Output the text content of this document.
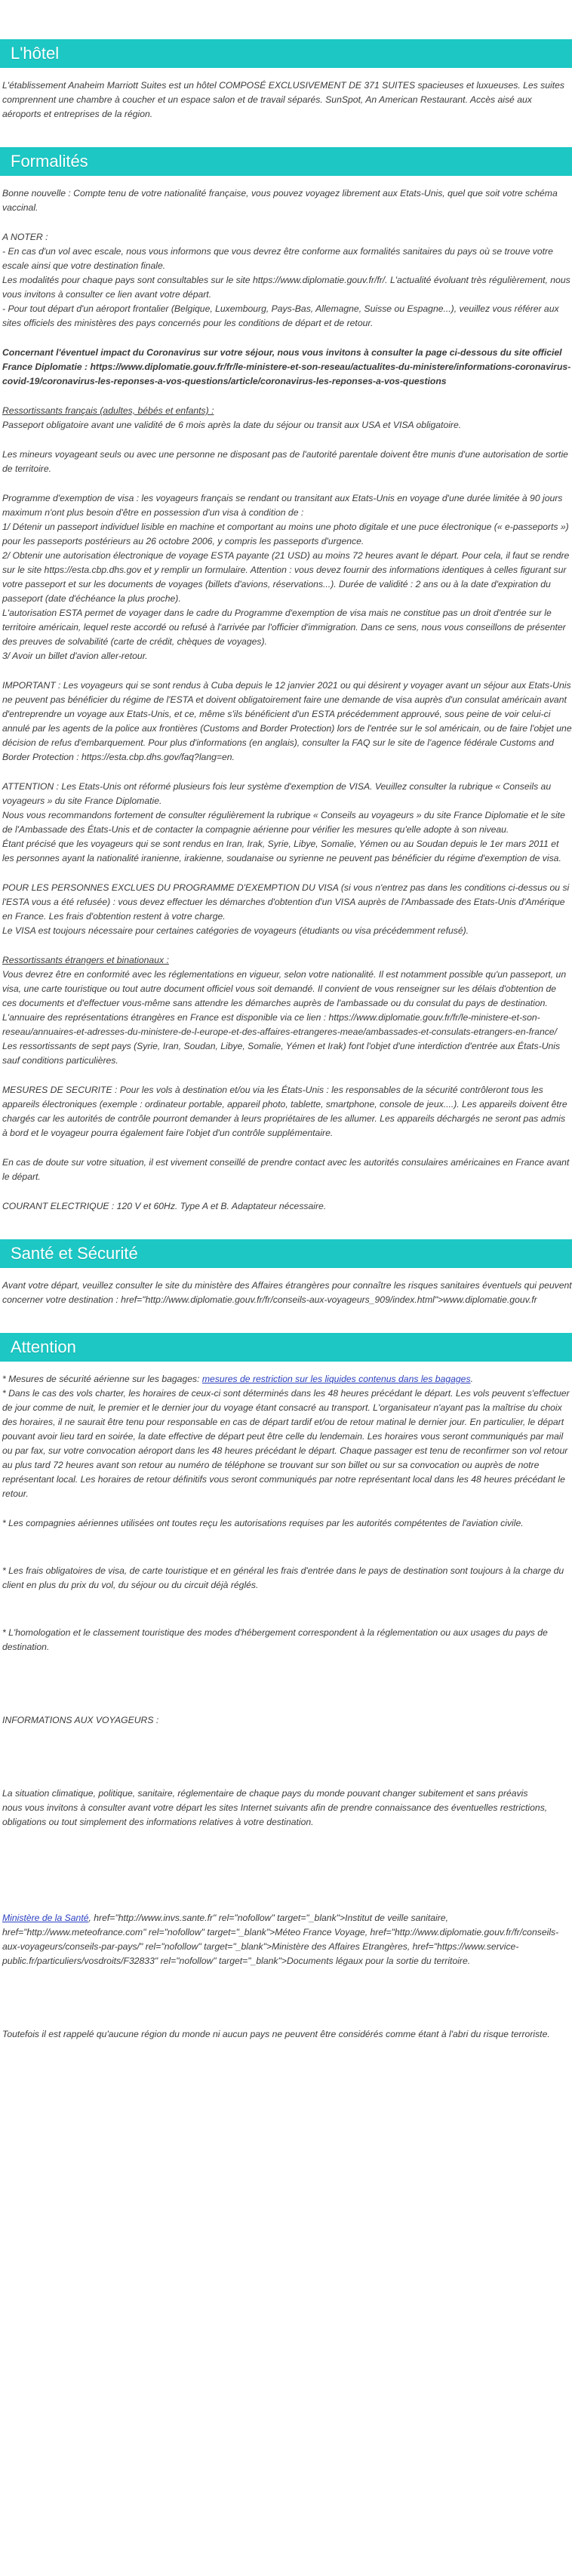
L'hôtel

L'établissement Anaheim Marriott Suites est un hôtel COMPOSÉ EXCLUSIVEMENT DE 371 SUITES spacieuses et luxueuses. Les suites comprennent une chambre à coucher et un espace salon et de travail séparés. SunSpot, An American Restaurant. Accès aisé aux aéroports et entreprises de la région.

Formalités

Bonne nouvelle : Compte tenu de votre nationalité française, vous pouvez voyagez librement aux Etats-Unis, quel que soit votre schéma vaccinal.

A NOTER :
- En cas d'un vol avec escale, nous vous informons que vous devrez être conforme aux formalités sanitaires du pays où se trouve votre escale ainsi que votre destination finale.
Les modalités pour chaque pays sont consultables sur le site https://www.diplomatie.gouv.fr/fr/. L'actualité évoluant très régulièrement, nous vous invitons à consulter ce lien avant votre départ.
- Pour tout départ d'un aéroport frontalier (Belgique, Luxembourg, Pays-Bas, Allemagne, Suisse ou Espagne...), veuillez vous référer aux sites officiels des ministères des pays concernés pour les conditions de départ et de retour.

Concernant l'éventuel impact du Coronavirus sur votre séjour, nous vous invitons à consulter la page ci-dessous du site officiel France Diplomatie : https://www.diplomatie.gouv.fr/fr/le-ministere-et-son-reseau/actualites-du-ministere/informations-coronavirus-covid-19/coronavirus-les-reponses-a-vos-questions/article/coronavirus-les-reponses-a-vos-questions

Ressortissants français (adultes, bébés et enfants) :
Passeport obligatoire avant une validité de 6 mois après la date du séjour ou transit aux USA et VISA obligatoire.

Les mineurs voyageant seuls ou avec une personne ne disposant pas de l'autorité parentale doivent être munis d'une autorisation de sortie de territoire.

Programme d'exemption de visa : les voyageurs français se rendant ou transitant aux Etats-Unis en voyage d'une durée limitée à 90 jours maximum n'ont plus besoin d'être en possession d'un visa à condition de :
1/ Détenir un passeport individuel lisible en machine et comportant au moins une photo digitale et une puce électronique (« e-passeports ») pour les passeports postérieurs au 26 octobre 2006, y compris les passeports d'urgence.
2/ Obtenir une autorisation électronique de voyage ESTA payante (21 USD) au moins 72 heures avant le départ. Pour cela, il faut se rendre sur le site https://esta.cbp.dhs.gov et y remplir un formulaire. Attention : vous devez fournir des informations identiques à celles figurant sur votre passeport et sur les documents de voyages (billets d'avions, réservations...). Durée de validité : 2 ans ou à la date d'expiration du passeport (date d'échéance la plus proche).
L'autorisation ESTA permet de voyager dans le cadre du Programme d'exemption de visa mais ne constitue pas un droit d'entrée sur le territoire américain, lequel reste accordé ou refusé à l'arrivée par l'officier d'immigration. Dans ce sens, nous vous conseillons de présenter des preuves de solvabilité (carte de crédit, chèques de voyages).
3/ Avoir un billet d'avion aller-retour.

IMPORTANT : Les voyageurs qui se sont rendus à Cuba depuis le 12 janvier 2021 ou qui désirent y voyager avant un séjour aux Etats-Unis ne peuvent pas bénéficier du régime de l'ESTA et doivent obligatoirement faire une demande de visa auprès d'un consulat américain avant d'entreprendre un voyage aux Etats-Unis, et ce, même s'ils bénéficient d'un ESTA précédemment approuvé, sous peine de voir celui-ci annulé par les agents de la police aux frontières (Customs and Border Protection) lors de l'entrée sur le sol américain, ou de faire l'objet une décision de refus d'embarquement. Pour plus d'informations (en anglais), consulter la FAQ sur le site de l'agence fédérale Customs and Border Protection : https://esta.cbp.dhs.gov/faq?lang=en.

ATTENTION : Les Etats-Unis ont réformé plusieurs fois leur système d'exemption de VISA. Veuillez consulter la rubrique « Conseils au voyageurs » du site France Diplomatie.
Nous vous recommandons fortement de consulter régulièrement la rubrique « Conseils au voyageurs » du site France Diplomatie et le site de l'Ambassade des États-Unis et de contacter la compagnie aérienne pour vérifier les mesures qu'elle adopte à son niveau.
Étant précisé que les voyageurs qui se sont rendus en Iran, Irak, Syrie, Libye, Somalie, Yémen ou au Soudan depuis le 1er mars 2011 et les personnes ayant la nationalité iranienne, irakienne, soudanaise ou syrienne ne peuvent pas bénéficier du régime d'exemption de visa.

POUR LES PERSONNES EXCLUES DU PROGRAMME D'EXEMPTION DU VISA (si vous n'entrez pas dans les conditions ci-dessus ou si l'ESTA vous a été refusée) : vous devez effectuer les démarches d'obtention d'un VISA auprès de l'Ambassade des Etats-Unis d'Amérique en France. Les frais d'obtention restent à votre charge.
Le VISA est toujours nécessaire pour certaines catégories de voyageurs (étudiants ou visa précédemment refusé).

Ressortissants étrangers et binationaux :
Vous devrez être en conformité avec les réglementations en vigueur, selon votre nationalité. Il est notamment possible qu'un passeport, un visa, une carte touristique ou tout autre document officiel vous soit demandé. Il convient de vous renseigner sur les délais d'obtention de ces documents et d'effectuer vous-même sans attendre les démarches auprès de l'ambassade ou du consulat du pays de destination.
L'annuaire des représentations étrangères en France est disponible via ce lien : https://www.diplomatie.gouv.fr/fr/le-ministere-et-son-reseau/annuaires-et-adresses-du-ministere-de-l-europe-et-des-affaires-etrangeres-meae/ambassades-et-consulats-etrangers-en-france/
Les ressortissants de sept pays (Syrie, Iran, Soudan, Libye, Somalie, Yémen et Irak) font l'objet d'une interdiction d'entrée aux États-Unis sauf conditions particulières.

MESURES DE SECURITE : Pour les vols à destination et/ou via les États-Unis : les responsables de la sécurité contrôleront tous les appareils électroniques (exemple : ordinateur portable, appareil photo, tablette, smartphone, console de jeux....). Les appareils doivent être chargés car les autorités de contrôle pourront demander à leurs propriétaires de les allumer. Les appareils déchargés ne seront pas admis à bord et le voyageur pourra également faire l'objet d'un contrôle supplémentaire.

En cas de doute sur votre situation, il est vivement conseillé de prendre contact avec les autorités consulaires américaines en France avant le départ.

COURANT ELECTRIQUE : 120 V et 60Hz. Type A et B. Adaptateur nécessaire.

Santé et Sécurité

Avant votre départ, veuillez consulter le site du ministère des Affaires étrangères pour connaître les risques sanitaires éventuels qui peuvent concerner votre destination : href="http://www.diplomatie.gouv.fr/fr/conseils-aux-voyageurs_909/index.html">www.diplomatie.gouv.fr

Attention

* Mesures de sécurité aérienne sur les bagages: mesures de restriction sur les liquides contenus dans les bagages.

* Dans le cas des vols charter, les horaires de ceux-ci sont déterminés dans les 48 heures précédant le départ. Les vols peuvent s'effectuer de jour comme de nuit, le premier et le dernier jour du voyage étant consacré au transport. L'organisateur n'ayant pas la maîtrise du choix des horaires, il ne saurait être tenu pour responsable en cas de départ tardif et/ou de retour matinal le dernier jour. En particulier, le départ pouvant avoir lieu tard en soirée, la date effective de départ peut être celle du lendemain. Les horaires vous seront communiqués par mail ou par fax, sur votre convocation aéroport dans les 48 heures précédant le départ. Chaque passager est tenu de reconfirmer son vol retour au plus tard 72 heures avant son retour au numéro de téléphone se trouvant sur son billet ou sur sa convocation ou auprès de notre représentant local. Les horaires de retour définitifs vous seront communiqués par notre représentant local dans les 48 heures précédant le retour.

* Les compagnies aériennes utilisées ont toutes reçu les autorisations requises par les autorités compétentes de l'aviation civile.

* Les frais obligatoires de visa, de carte touristique et en général les frais d'entrée dans le pays de destination sont toujours à la charge du client en plus du prix du vol, du séjour ou du circuit déjà réglés.

* L'homologation et le classement touristique des modes d'hébergement correspondent à la réglementation ou aux usages du pays de destination.

INFORMATIONS AUX VOYAGEURS :

La situation climatique, politique, sanitaire, réglementaire de chaque pays du monde pouvant changer subitement et sans préavis
nous vous invitons à consulter avant votre départ les sites Internet suivants afin de prendre connaissance des éventuelles restrictions, obligations ou tout simplement des informations relatives à votre destination.

Ministère de la Santé, href="http://www.invs.sante.fr" rel="nofollow" target="_blank">Institut de veille sanitaire, href="http://www.meteofrance.com" rel="nofollow" target="_blank">Méteo France Voyage, href="http://www.diplomatie.gouv.fr/fr/conseils-aux-voyageurs/conseils-par-pays/" rel="nofollow" target="_blank">Ministère des Affaires Etrangères, href="https://www.service-public.fr/particuliers/vosdroits/F32833" rel="nofollow" target="_blank">Documents légaux pour la sortie du territoire.

Toutefois il est rappelé qu'aucune région du monde ni aucun pays ne peuvent être considérés comme étant à l'abri du risque terroriste.
